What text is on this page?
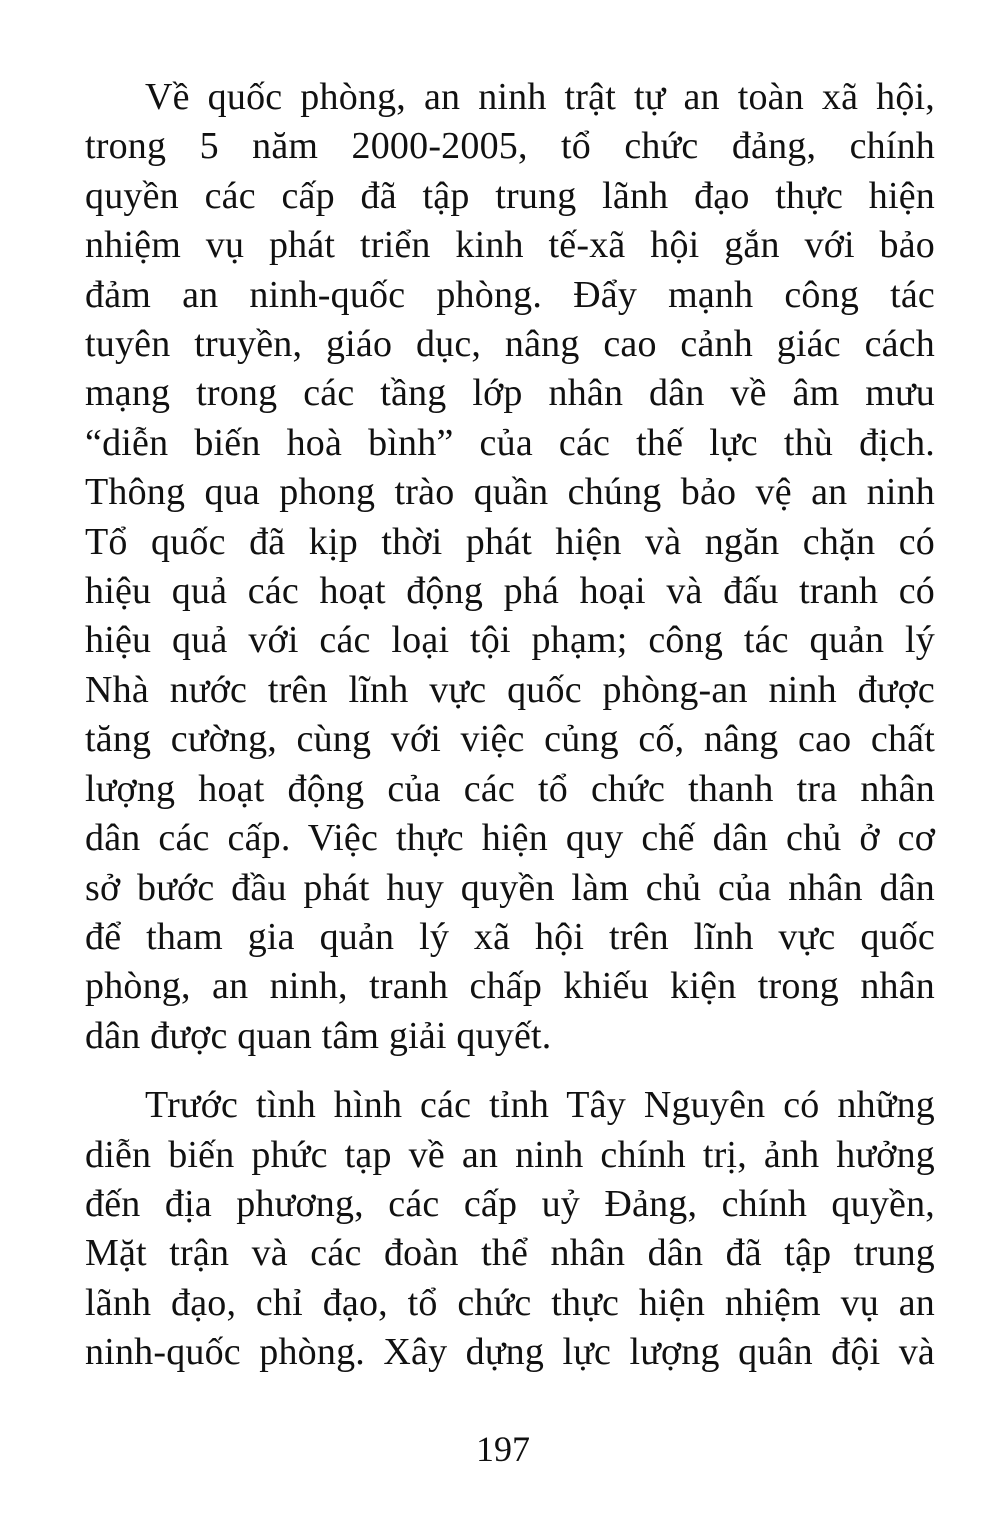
Về quốc phòng, an ninh trật tự an toàn xã hội,
trong 5 năm 2000-2005, tổ chức đảng, chính
quyền các cấp đã tập trung lãnh đạo thực hiện
nhiệm vụ phát triển kinh tế-xã hội gắn với bảo
đảm an ninh-quốc phòng. Đẩy mạnh công tác
tuyên truyền, giáo dục, nâng cao cảnh giác cách
mạng trong các tầng lớp nhân dân về âm mưu
“diễn biến hoà bình” của các thế lực thù địch.
Thông qua phong trào quần chúng bảo vệ an ninh
Tổ quốc đã kịp thời phát hiện và ngăn chặn có
hiệu quả các hoạt động phá hoại và đấu tranh có
hiệu quả với các loại tội phạm; công tác quản lý
Nhà nước trên lĩnh vực quốc phòng-an ninh được
tăng cường, cùng với việc củng cố, nâng cao chất
lượng hoạt động của các tổ chức thanh tra nhân
dân các cấp. Việc thực hiện quy chế dân chủ ở cơ
sở bước đầu phát huy quyền làm chủ của nhân dân
để tham gia quản lý xã hội trên lĩnh vực quốc
phòng, an ninh, tranh chấp khiếu kiện trong nhân
dân được quan tâm giải quyết.

Trước tình hình các tỉnh Tây Nguyên có những
diễn biến phức tạp về an ninh chính trị, ảnh hưởng
đến địa phương, các cấp uỷ Đảng, chính quyền,
Mặt trận và các đoàn thể nhân dân đã tập trung
lãnh đạo, chỉ đạo, tổ chức thực hiện nhiệm vụ an
ninh-quốc phòng. Xây dựng lực lượng quân đội và

197
